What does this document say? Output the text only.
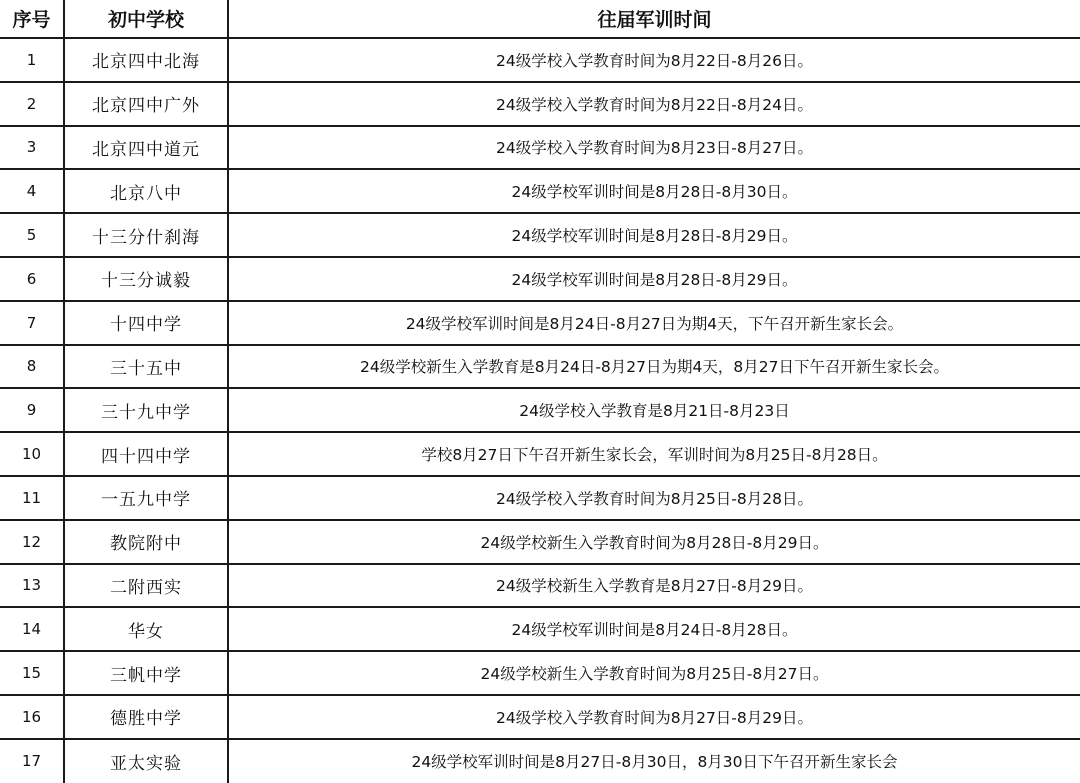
序号	初中学校	往届军训时间
1	北京四中北海	24级学校入学教育时间为8月22日-8月26日。
2	北京四中广外	24级学校入学教育时间为8月22日-8月24日。
3	北京四中道元	24级学校入学教育时间为8月23日-8月27日。
4	北京八中	24级学校军训时间是8月28日-8月30日。
5	十三分什刹海	24级学校军训时间是8月28日-8月29日。
6	十三分诚毅	24级学校军训时间是8月28日-8月29日。
7	十四中学	24级学校军训时间是8月24日-8月27日为期4天，下午召开新生家长会。
8	三十五中	24级学校新生入学教育是8月24日-8月27日为期4天，8月27日下午召开新生家长会。
9	三十九中学	24级学校入学教育是8月21日-8月23日
10	四十四中学	学校8月27日下午召开新生家长会，军训时间为8月25日-8月28日。
11	一五九中学	24级学校入学教育时间为8月25日-8月28日。
12	教院附中	24级学校新生入学教育时间为8月28日-8月29日。
13	二附西实	24级学校新生入学教育是8月27日-8月29日。
14	华女	24级学校军训时间是8月24日-8月28日。
15	三帆中学	24级学校新生入学教育时间为8月25日-8月27日。
16	德胜中学	24级学校入学教育时间为8月27日-8月29日。
17	亚太实验	24级学校军训时间是8月27日-8月30日，8月30日下午召开新生家长会
